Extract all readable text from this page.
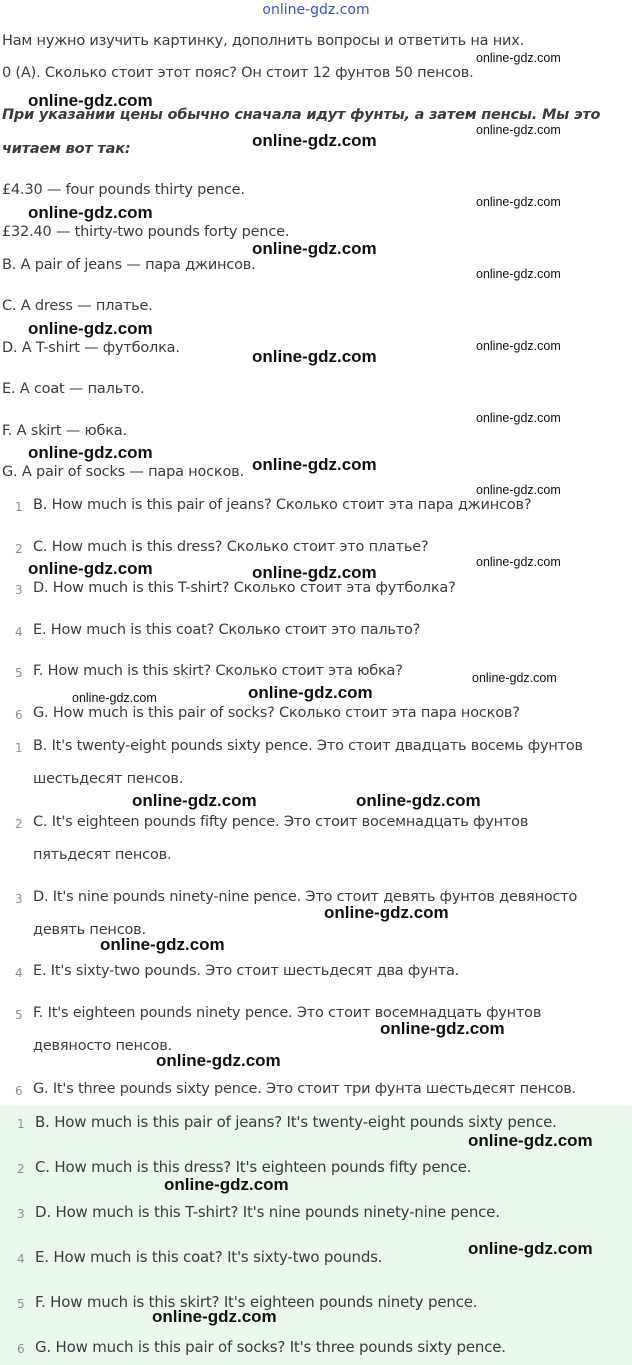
online-gdz.com
Нам нужно изучить картинку, дополнить вопросы и ответить на них.
0 (A). Сколько стоит этот пояс? Он стоит 12 фунтов 50 пенсов.
При указании цены обычно сначала идут фунты, а затем пенсы. Мы это
читаем вот так:
£4.30 — four pounds thirty pence.
£32.40 — thirty-two pounds forty pence.
B. A pair of jeans — пара джинсов.
C. A dress — платье.
D. A T-shirt — футболка.
E. A coat — пальто.
F. A skirt — юбка.
G. A pair of socks — пара носков.
1 B. How much is this pair of jeans? Сколько стоит эта пара джинсов?
2 C. How much is this dress? Сколько стоит это платье?
3 D. How much is this T-shirt? Сколько стоит эта футболка?
4 E. How much is this coat? Сколько стоит это пальто?
5 F. How much is this skirt? Сколько стоит эта юбка?
6 G. How much is this pair of socks? Сколько стоит эта пара носков?
1 B. It's twenty-eight pounds sixty pence. Это стоит двадцать восемь фунтов
шестьдесят пенсов.
2 C. It's eighteen pounds fifty pence. Это стоит восемнадцать фунтов
пятьдесят пенсов.
3 D. It's nine pounds ninety-nine pence. Это стоит девять фунтов девяносто
девять пенсов.
4 E. It's sixty-two pounds. Это стоит шестьдесят два фунта.
5 F. It's eighteen pounds ninety pence. Это стоит восемнадцать фунтов
девяносто пенсов.
6 G. It's three pounds sixty pence. Это стоит три фунта шестьдесят пенсов.
1 B. How much is this pair of jeans? It's twenty-eight pounds sixty pence.
2 C. How much is this dress? It's eighteen pounds fifty pence.
3 D. How much is this T-shirt? It's nine pounds ninety-nine pence.
4 E. How much is this coat? It's sixty-two pounds.
5 F. How much is this skirt? It's eighteen pounds ninety pence.
6 G. How much is this pair of socks? It's three pounds sixty pence.
online-gdz.com
online-gdz.com
online-gdz.com
online-gdz.com
online-gdz.com
online-gdz.com
online-gdz.com
online-gdz.com
online-gdz.com	online-gdz.com
online-gdz.com
online-gdz.com	online-gdz.com
online-gdz.com
online-gdz.com
online-gdz.com
online-gdz.com
online-gdz.com
online-gdz.com
online-gdz.com
online-gdz.com
online-gdz.com
online-gdz.com
online-gdz.com
online-gdz.com
online-gdz.com
online-gdz.com
online-gdz.com
online-gdz.com
online-gdz.com
online-gdz.com
